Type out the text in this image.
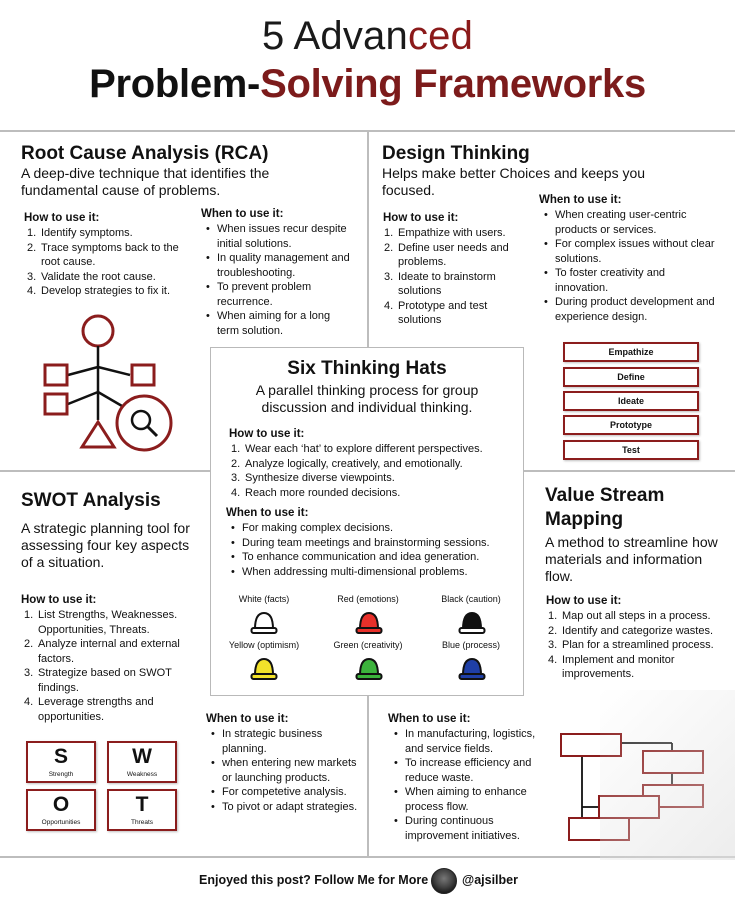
5 Advanced
Problem-Solving Frameworks
Root Cause Analysis (RCA)
A deep-dive technique that identifies the fundamental cause of problems.
How to use it:
1. Identify symptoms.
2. Trace symptoms back to the root cause.
3. Validate the root cause.
4. Develop strategies to fix it.
When to use it:
• When issues recur despite initial solutions.
• In quality management and troubleshooting.
• To prevent problem recurrence.
• When aiming for a long term solution.
Design Thinking
Helps make better Choices and keeps you focused.
How to use it:
1. Empathize with users.
2. Define user needs and problems.
3. Ideate to brainstorm solutions
4. Prototype and test solutions
When to use it:
• When creating user-centric products or services.
• For complex issues without clear solutions.
• To foster creativity and innovation.
• During product development and experience design.
Empathize
Define
Ideate
Prototype
Test
Six Thinking Hats
A parallel thinking process for group discussion and individual thinking.
How to use it:
1. Wear each ‘hat’ to explore different perspectives.
2. Analyze logically, creatively, and emotionally.
3. Synthesize diverse viewpoints.
4. Reach more rounded decisions.
When to use it:
• For making complex decisions.
• During team meetings and brainstorming sessions.
• To enhance communication and idea generation.
• When addressing multi-dimensional problems.
White (facts)	Red (emotions)	Black (caution)
Yellow (optimism)	Green (creativity)	Blue (process)
SWOT Analysis
A strategic planning tool for assessing four key aspects of a situation.
How to use it:
1. List Strengths, Weaknesses. Opportunities, Threats.
2. Analyze internal and external factors.
3. Strategize based on SWOT findings.
4. Leverage strengths and opportunities.	When to use it:
• In strategic business planning.
• when entering new markets or launching products.
• For competetive analysis.
• To pivot or adapt strategies.
S
Strength
W
Weakness
O
Opportunities
T
Threats
Value Stream Mapping
A method to streamline how materials and information flow.
How to use it:
1. Map out all steps in a process.
2. Identify and categorize wastes.
3. Plan for a streamlined process.
4. Implement and monitor improvements.
When to use it:
• In manufacturing, logistics, and service fields.
• To increase efficiency and reduce waste.
• When aiming to enhance process flow.
• During continuous improvement initiatives.
Enjoyed this post? Follow Me for More	@ajsilber
